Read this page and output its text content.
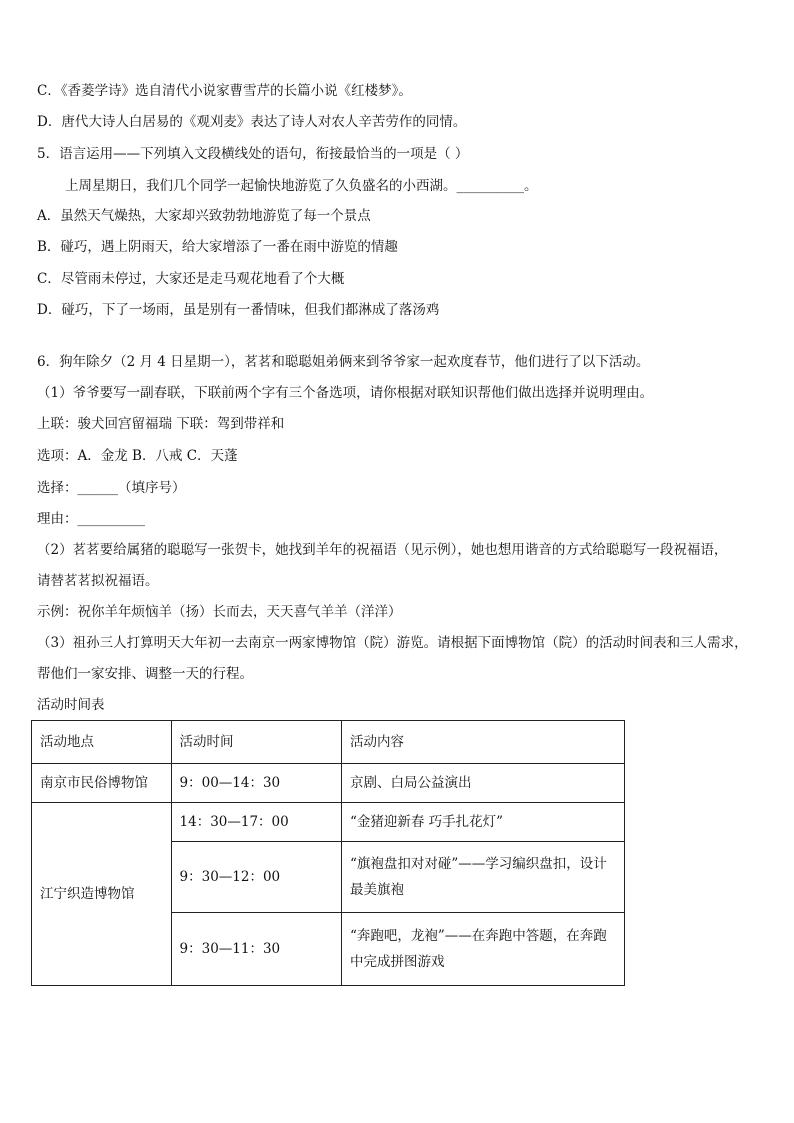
C．《香菱学诗》选自清代小说家曹雪芹的长篇小说《红楼梦》。
D．唐代大诗人白居易的《观刈麦》表达了诗人对农人辛苦劳作的同情。
5．语言运用——下列填入文段横线处的语句，衔接最恰当的一项是（ ）
上周星期日，我们几个同学一起愉快地游览了久负盛名的小西湖。__________。
A．虽然天气燥热，大家却兴致勃勃地游览了每一个景点
B．碰巧，遇上阴雨天，给大家增添了一番在雨中游览的情趣
C．尽管雨未停过，大家还是走马观花地看了个大概
D．碰巧，下了一场雨，虽是别有一番情味，但我们都淋成了落汤鸡
6．狗年除夕（2 月 4 日星期一），茗茗和聪聪姐弟俩来到爷爷家一起欢度春节，他们进行了以下活动。
（1）爷爷要写一副春联，下联前两个字有三个备选项，请你根据对联知识帮他们做出选择并说明理由。
上联：骏犬回宫留福瑞 下联：驾到带祥和
选项：A．金龙 B．八戒 C．天蓬
选择：______（填序号）
理由：__________
（2）茗茗要给属猪的聪聪写一张贺卡，她找到羊年的祝福语（见示例），她也想用谐音的方式给聪聪写一段祝福语，
请替茗茗拟祝福语。
示例：祝你羊年烦恼羊（扬）长而去，天天喜气羊羊（洋洋）
（3）祖孙三人打算明天大年初一去南京一两家博物馆（院）游览。请根据下面博物馆（院）的活动时间表和三人需求，
帮他们一家安排、调整一天的行程。
活动时间表
活动地点	活动时间	活动内容
南京市民俗博物馆	9：00—14：30	京剧、白局公益演出
江宁织造博物馆	14：30—17：00	“金猪迎新春 巧手扎花灯”
	9：30—12：00	“旗袍盘扣对对碰”——学习编织盘扣，设计最美旗袍
	9：30—11：30	“奔跑吧，龙袍”——在奔跑中答题，在奔跑中完成拼图游戏
